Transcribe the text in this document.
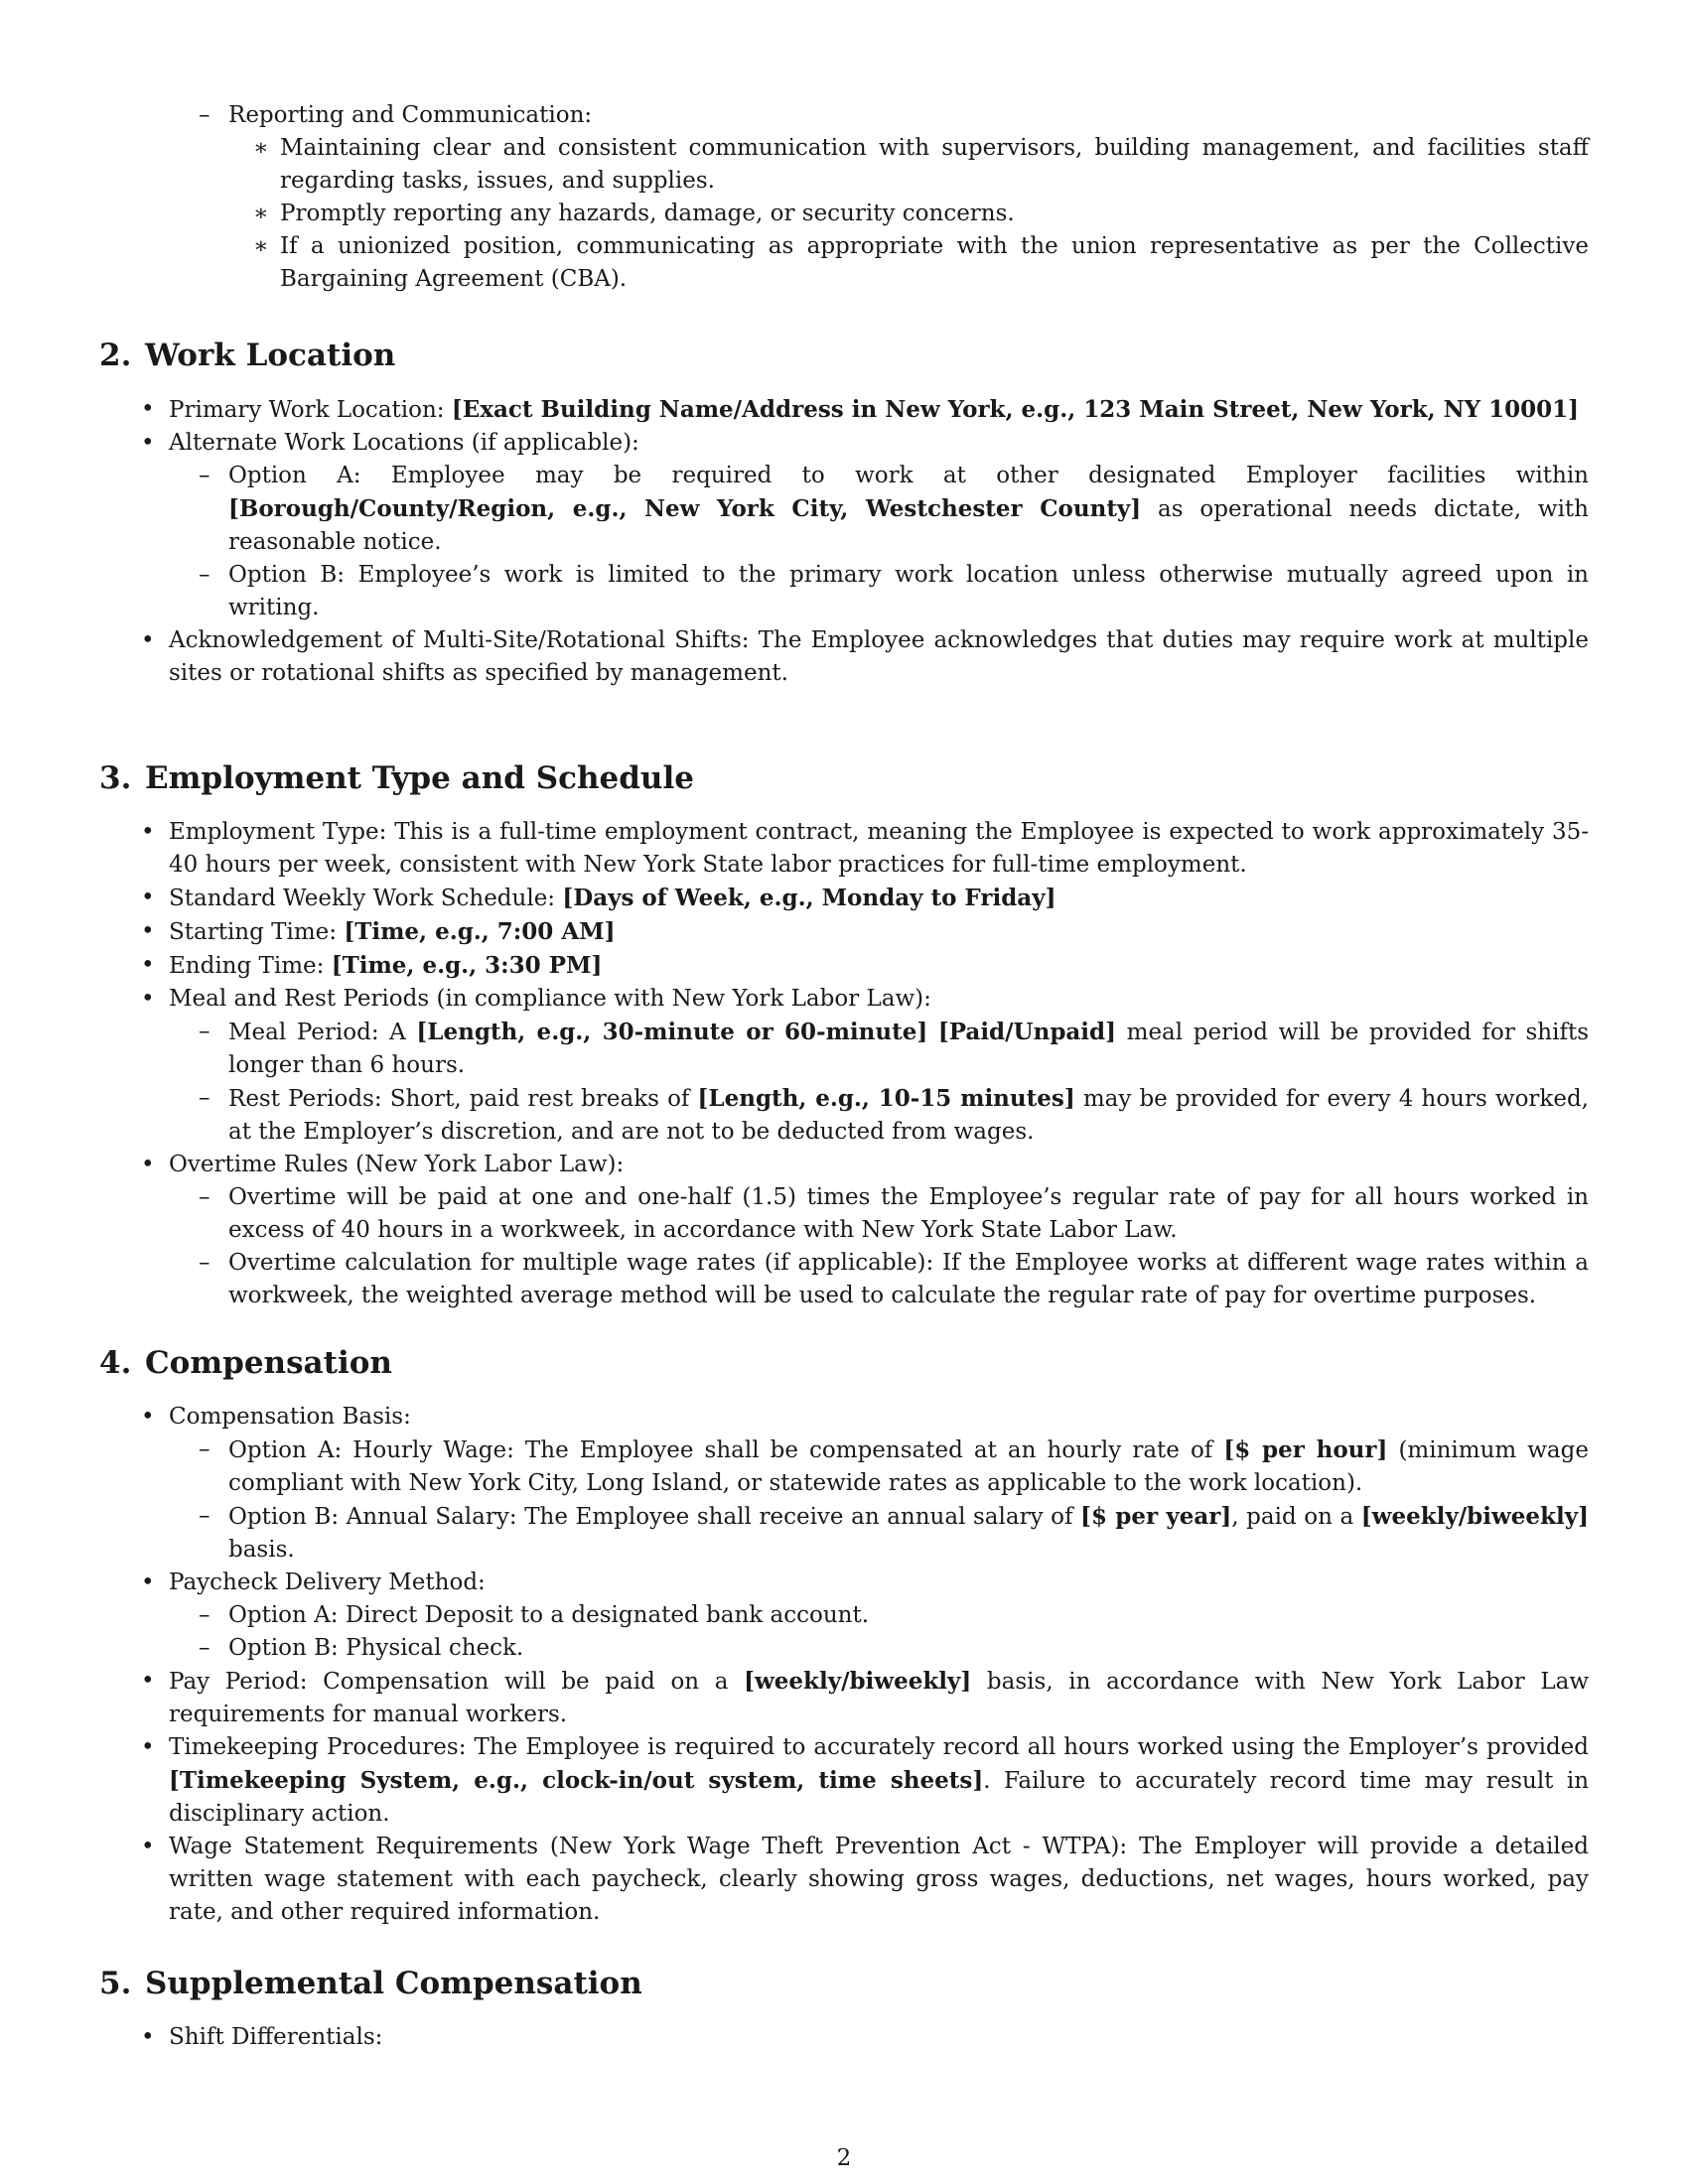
– Reporting and Communication:
∗ Maintaining clear and consistent communication with supervisors, building management, and facilities staff regarding tasks, issues, and supplies.
∗ Promptly reporting any hazards, damage, or security concerns.
∗ If a unionized position, communicating as appropriate with the union representative as per the Collective Bargaining Agreement (CBA).
2. Work Location
• Primary Work Location: [Exact Building Name/Address in New York, e.g., 123 Main Street, New York, NY 10001]
• Alternate Work Locations (if applicable):
– Option A: Employee may be required to work at other designated Employer facilities within [Borough/County/Region, e.g., New York City, Westchester County] as operational needs dictate, with reasonable notice.
– Option B: Employee’s work is limited to the primary work location unless otherwise mutually agreed upon in writing.
• Acknowledgement of Multi-Site/Rotational Shifts: The Employee acknowledges that duties may require work at multiple sites or rotational shifts as specified by management.
3. Employment Type and Schedule
• Employment Type: This is a full-time employment contract, meaning the Employee is expected to work approximately 35-40 hours per week, consistent with New York State labor practices for full-time employment.
• Standard Weekly Work Schedule: [Days of Week, e.g., Monday to Friday]
• Starting Time: [Time, e.g., 7:00 AM]
• Ending Time: [Time, e.g., 3:30 PM]
• Meal and Rest Periods (in compliance with New York Labor Law):
– Meal Period: A [Length, e.g., 30-minute or 60-minute] [Paid/Unpaid] meal period will be provided for shifts longer than 6 hours.
– Rest Periods: Short, paid rest breaks of [Length, e.g., 10-15 minutes] may be provided for every 4 hours worked, at the Employer’s discretion, and are not to be deducted from wages.
• Overtime Rules (New York Labor Law):
– Overtime will be paid at one and one-half (1.5) times the Employee’s regular rate of pay for all hours worked in excess of 40 hours in a workweek, in accordance with New York State Labor Law.
– Overtime calculation for multiple wage rates (if applicable): If the Employee works at different wage rates within a workweek, the weighted average method will be used to calculate the regular rate of pay for overtime purposes.
4. Compensation
• Compensation Basis:
– Option A: Hourly Wage: The Employee shall be compensated at an hourly rate of [$ per hour] (minimum wage compliant with New York City, Long Island, or statewide rates as applicable to the work location).
– Option B: Annual Salary: The Employee shall receive an annual salary of [$ per year], paid on a [weekly/biweekly] basis.
• Paycheck Delivery Method:
– Option A: Direct Deposit to a designated bank account.
– Option B: Physical check.
• Pay Period: Compensation will be paid on a [weekly/biweekly] basis, in accordance with New York Labor Law requirements for manual workers.
• Timekeeping Procedures: The Employee is required to accurately record all hours worked using the Employer’s provided [Timekeeping System, e.g., clock-in/out system, time sheets]. Failure to accurately record time may result in disciplinary action.
• Wage Statement Requirements (New York Wage Theft Prevention Act - WTPA): The Employer will provide a detailed written wage statement with each paycheck, clearly showing gross wages, deductions, net wages, hours worked, pay rate, and other required information.
5. Supplemental Compensation
• Shift Differentials:
2
